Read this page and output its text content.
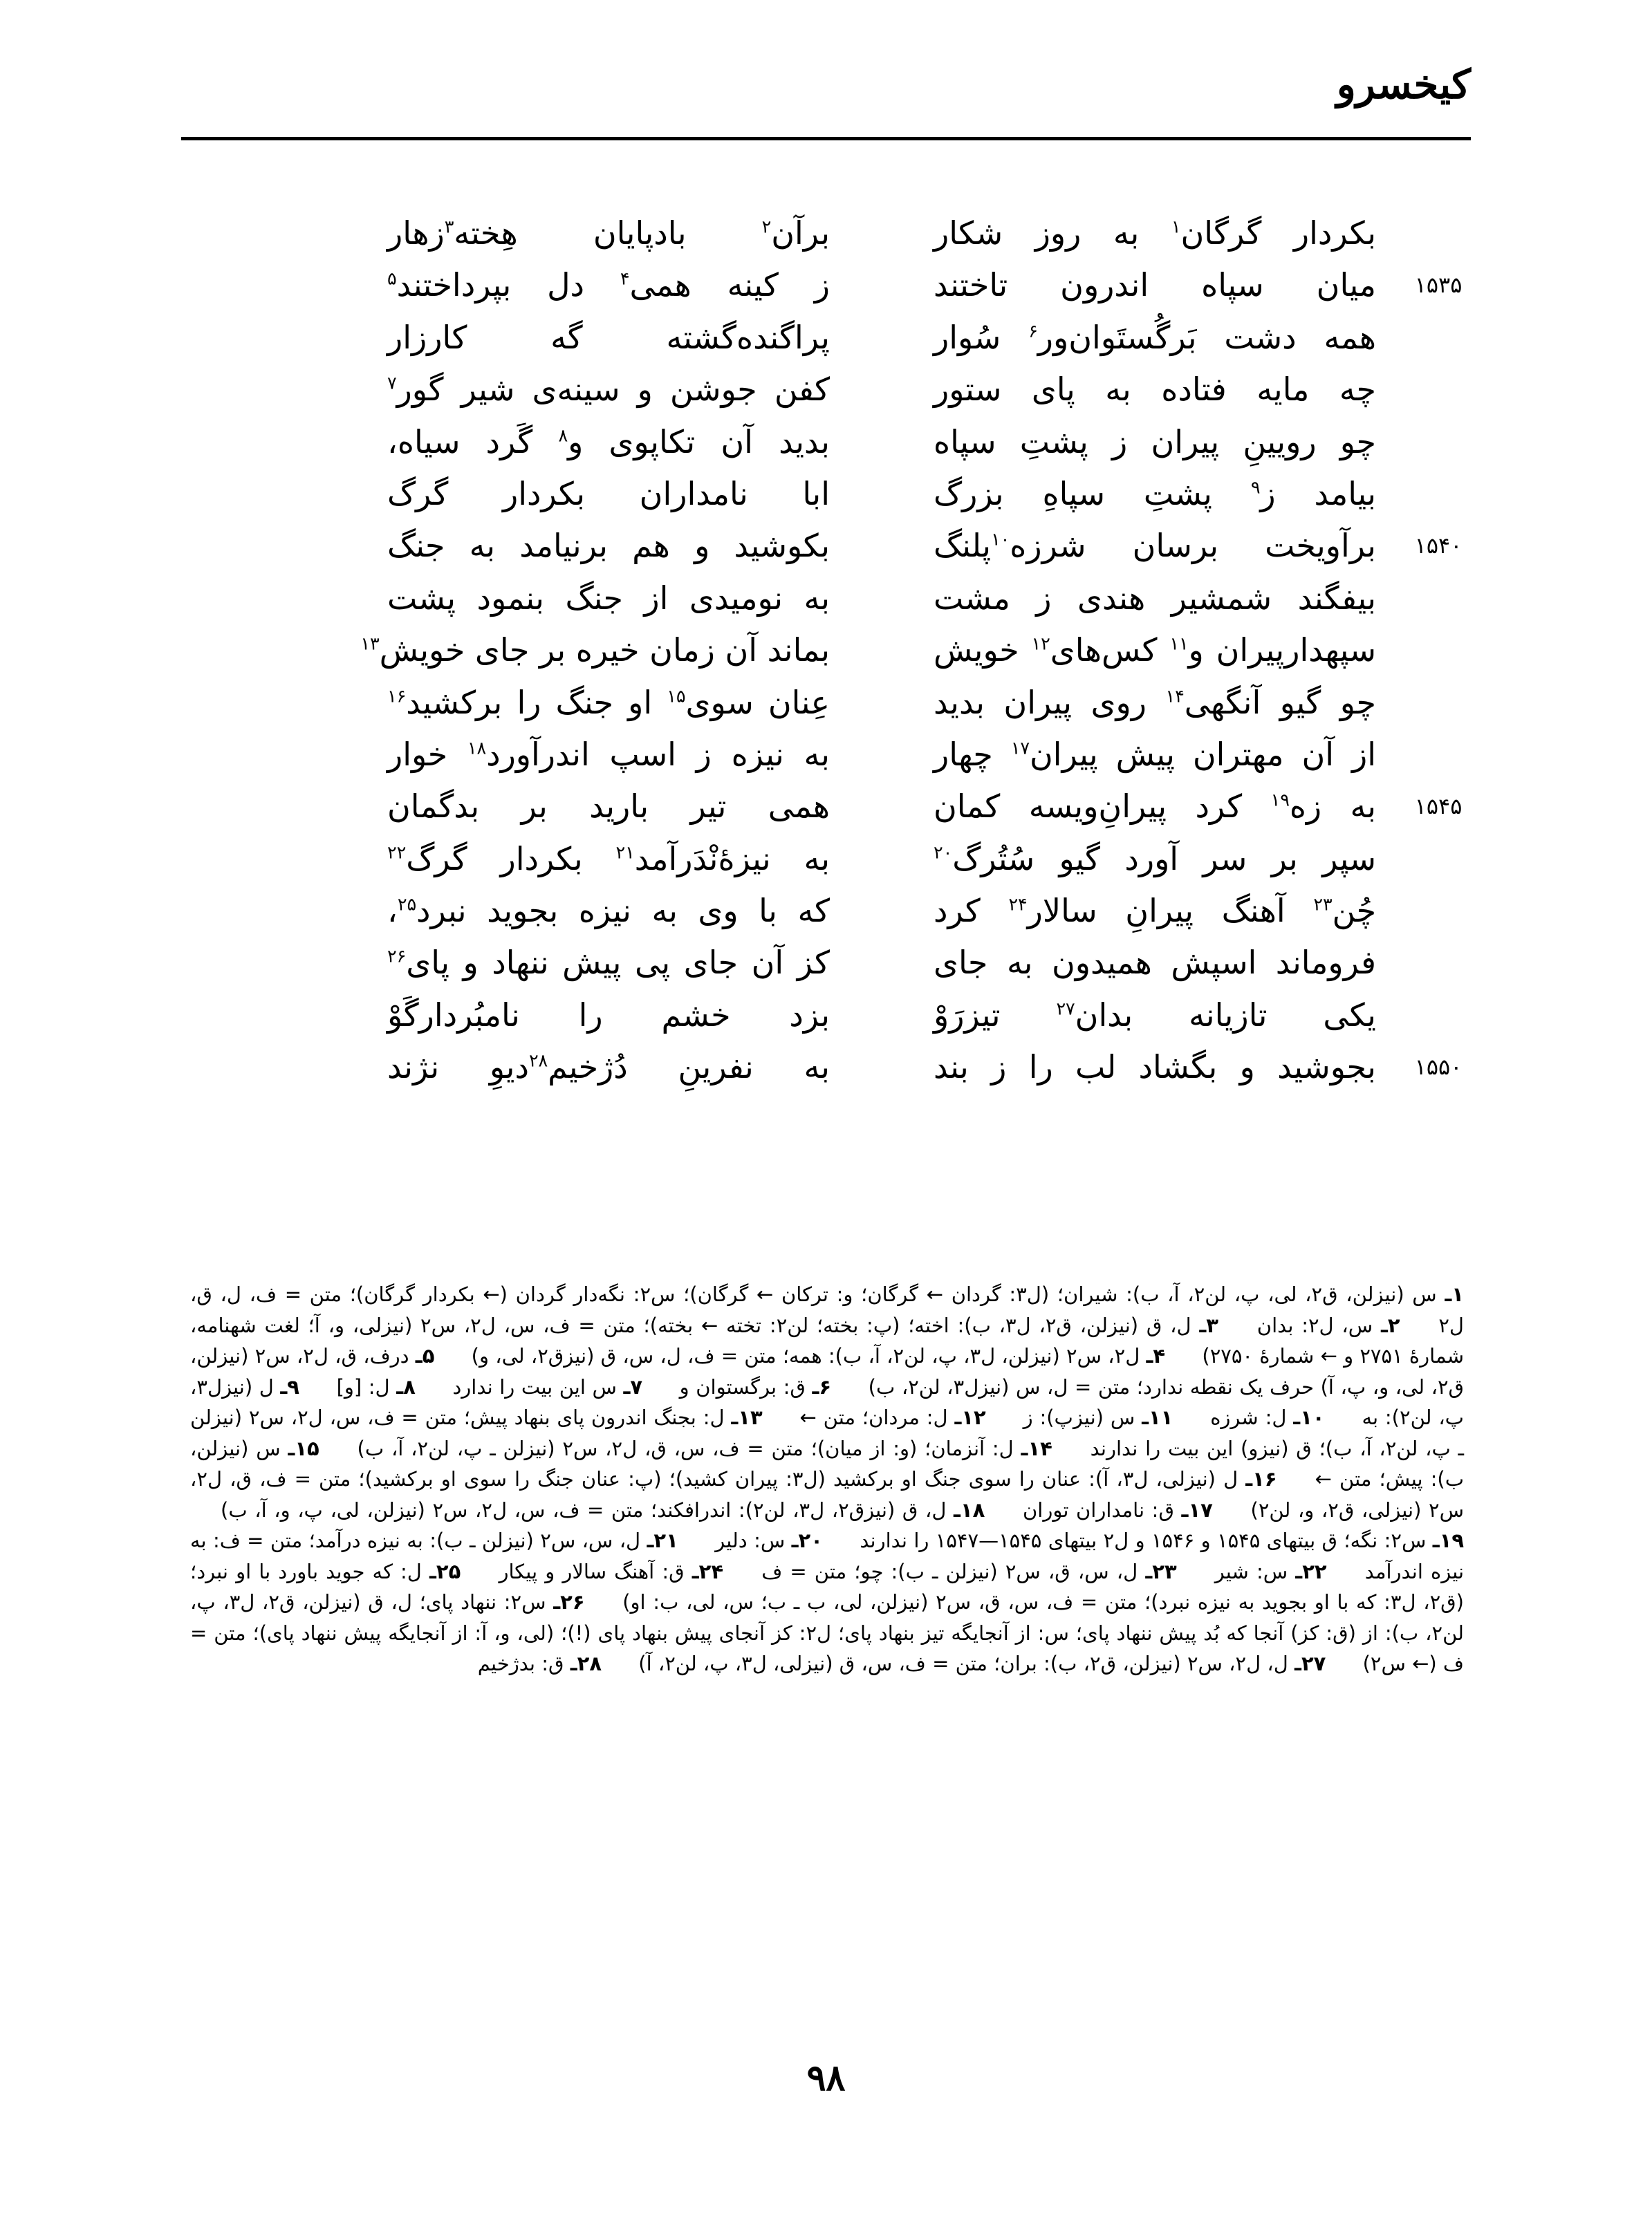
کیخسرو
بکردار گرگان$^۱$ به روز شکار
برآن$^۲$ بادپایان هِخته$^۳$زهار
۱۵۳۵
میان سپاه اندرون تاختند
ز کینه همی$^۴$ دل بپرداختند$^۵$
همه دشت بَرگُستَوان‌ور$^۶$ سُوار
پراگنده‌گشته گه کارزار
چه مایه فتاده به پای ستور
کفن جوشن و سینه‌ی شیر گور$^۷$
چو رویینِ پیران ز پشتِ سپاه
بدید آن تکاپوی و$^۸$ گَرد سیاه،
بیامد ز$^۹$ پشتِ سپاهِ بزرگ
ابا نامداران بکردار گرگ
۱۵۴۰
برآویخت برسان شرزه$^{۱۰}$پلنگ
بکوشید و هم برنیامد به جنگ
بیفگند شمشیر هندی ز مشت
به نومیدی از جنگ بنمود پشت
سپهدارپیران و$^{۱۱}$ کس‌های$^{۱۲}$ خویش
بماند آن زمان خیره بر جای خویش$^{۱۳}$
چو گیو آنگهی$^{۱۴}$ روی پیران بدید
عِنان سوی$^{۱۵}$ او جنگ را برکشید$^{۱۶}$
از آن مهتران پیش پیران$^{۱۷}$ چهار
به نیزه ز اسپ اندرآورد$^{۱۸}$ خوار
۱۵۴۵
به زه$^{۱۹}$ کرد پیرانِ‌ویسه کمان
همی تیر بارید بر بدگمان
سپر بر سر آورد گیو سُتُرگ$^{۲۰}$
به نیزه‌ٔنْدَرآمد$^{۲۱}$ بکردار گرگ$^{۲۲}$
چُن$^{۲۳}$ آهنگ پیرانِ سالار$^{۲۴}$ کرد
که با وی به نیزه بجوید نبرد$^{۲۵}$،
فروماند اسپش همیدون به جای
کز آن جای پی پیش ننهاد و پای$^{۲۶}$
یکی تازیانه بدان$^{۲۷}$ تیزرَوْ
بزد خشم را نامبُردارگَوْ
۱۵۵۰
بجوشید و بگشاد لب را ز بند
به نفرینِ دُژخیم$^{۲۸}$دیوِ نژند
۱ـ س (نیزلن، ق۲، لی، پ، لن۲، آ، ب): شیران؛ (ل۳: گردان ← گرگان؛ و: ترکان ← گرگان)؛ س۲: نگه‌دار گردان (← بکردار گرگان)؛ متن = ف، ل، ق، ل۲ ۲ـ س، ل۲: بدان ۳ـ ل، ق (نیزلن، ق۲، ل۳، ب): اخته؛ (پ: بخته؛ لن۲: تخته ← بخته)؛ متن = ف، س، ل۲، س۲ (نیزلی، و، آ؛ لغت شهنامه، شمارهٔ ۲۷۵۱ و ← شمارهٔ ۲۷۵۰) ۴ـ ل۲، س۲ (نیزلن، ل۳، پ، لن۲، آ، ب): همه؛ متن = ف، ل، س، ق (نیزق۲، لی، و) ۵ـ درف، ق، ل۲، س۲ (نیزلن، ق۲، لی، و، پ، آ) حرف یک نقطه ندارد؛ متن = ل، س (نیزل۳، لن۲، ب) ۶ـ ق: برگستوان و ۷ـ س این بیت را ندارد ۸ـ ل: [و] ۹ـ ل (نیزل۳، پ، لن۲): به ۱۰ـ ل: شرزه ۱۱ـ س (نیزپ): ز ۱۲ـ ل: مردان؛ متن ← ۱۳ـ ل: بجنگ اندرون پای بنهاد پیش؛ متن = ف، س، ل۲، س۲ (نیزلن ـ پ، لن۲، آ، ب)؛ ق (نیزو) این بیت را ندارند ۱۴ـ ل: آنزمان؛ (و: از میان)؛ متن = ف، س، ق، ل۲، س۲ (نیزلن ـ پ، لن۲، آ، ب) ۱۵ـ س (نیزلن، ب): پیش؛ متن ← ۱۶ـ ل (نیزلی، ل۳، آ): عنان را سوی جنگ او برکشید (ل۳: پیران کشید)؛ (پ: عنان جنگ را سوی او برکشید)؛ متن = ف، ق، ل۲، س۲ (نیزلی، ق۲، و، لن۲) ۱۷ـ ق: نامداران توران ۱۸ـ ل، ق (نیزق۲، ل۳، لن۲): اندرافکند؛ متن = ف، س، ل۲، س۲ (نیزلن، لی، پ، و، آ، ب) ۱۹ـ س۲: نگه؛ ق بیتهای ۱۵۴۵ و ۱۵۴۶ و ل۲ بیتهای ۱۵۴۵—۱۵۴۷ را ندارند ۲۰ـ س: دلیر ۲۱ـ ل، س، س۲ (نیزلن ـ ب): به نیزه درآمد؛ متن = ف: به نیزه اندرآمد ۲۲ـ س: شیر ۲۳ـ ل، س، ق، س۲ (نیزلن ـ ب): چو؛ متن = ف ۲۴ـ ق: آهنگ سالار و پیکار ۲۵ـ ل: که جوید باورد با او نبرد؛ (ق۲، ل۳: که با او بجوید به نیزه نبرد)؛ متن = ف، س، ق، س۲ (نیزلن، لی، ب ـ ب؛ س، لی، ب: او) ۲۶ـ س۲: ننهاد پای؛ ل، ق (نیزلن، ق۲، ل۳، پ، لن۲، ب): از (ق: کز) آنجا که بُد پیش ننهاد پای؛ س: از آنجایگه تیز بنهاد پای؛ ل۲: کز آنجای پیش بنهاد پای (!)؛ (لی، و، آ: از آنجایگه پیش ننهاد پای)؛ متن = ف (← س۲) ۲۷ـ ل، ل۲، س۲ (نیزلن، ق۲، ب): بران؛ متن = ف، س، ق (نیزلی، ل۳، پ، لن۲، آ) ۲۸ـ ق: بدژخیم
۹۸
